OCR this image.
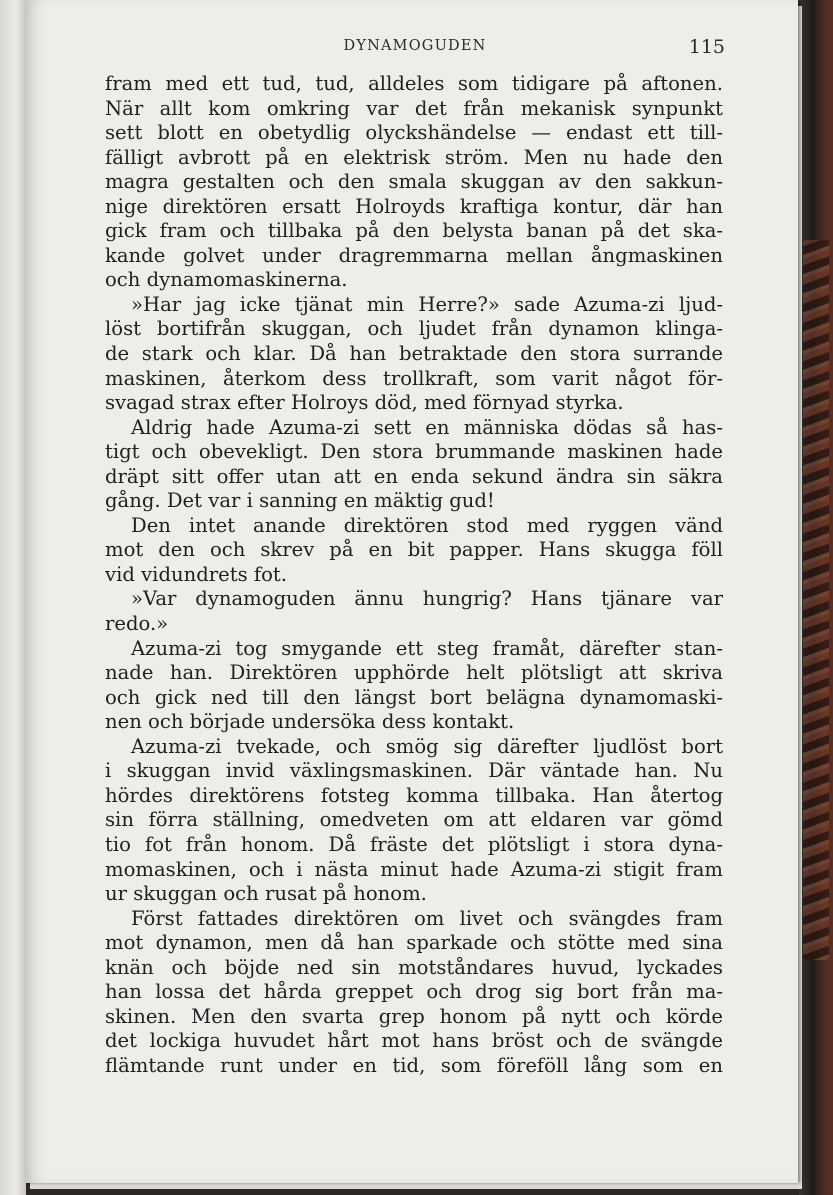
DYNAMOGUDEN	115
fram med ett tud, tud, alldeles som tidigare på aftonen.
När allt kom omkring var det från mekanisk synpunkt
sett blott en obetydlig olyckshändelse — endast ett till-
fälligt avbrott på en elektrisk ström. Men nu hade den
magra gestalten och den smala skuggan av den sakkun-
nige direktören ersatt Holroyds kraftiga kontur, där han
gick fram och tillbaka på den belysta banan på det ska-
kande golvet under dragremmarna mellan ångmaskinen
och dynamomaskinerna.
»Har jag icke tjänat min Herre?» sade Azuma-zi ljud-
löst bortifrån skuggan, och ljudet från dynamon klinga-
de stark och klar. Då han betraktade den stora surrande
maskinen, återkom dess trollkraft, som varit något för-
svagad strax efter Holroys död, med förnyad styrka.
Aldrig hade Azuma-zi sett en människa dödas så has-
tigt och obevekligt. Den stora brummande maskinen hade
dräpt sitt offer utan att en enda sekund ändra sin säkra
gång. Det var i sanning en mäktig gud!
Den intet anande direktören stod med ryggen vänd
mot den och skrev på en bit papper. Hans skugga föll
vid vidundrets fot.
»Var dynamoguden ännu hungrig? Hans tjänare var
redo.»
Azuma-zi tog smygande ett steg framåt, därefter stan-
nade han. Direktören upphörde helt plötsligt att skriva
och gick ned till den längst bort belägna dynamomaski-
nen och började undersöka dess kontakt.
Azuma-zi tvekade, och smög sig därefter ljudlöst bort
i skuggan invid växlingsmaskinen. Där väntade han. Nu
hördes direktörens fotsteg komma tillbaka. Han återtog
sin förra ställning, omedveten om att eldaren var gömd
tio fot från honom. Då fräste det plötsligt i stora dyna-
momaskinen, och i nästa minut hade Azuma-zi stigit fram
ur skuggan och rusat på honom.
Först fattades direktören om livet och svängdes fram
mot dynamon, men då han sparkade och stötte med sina
knän och böjde ned sin motståndares huvud, lyckades
han lossa det hårda greppet och drog sig bort från ma-
skinen. Men den svarta grep honom på nytt och körde
det lockiga huvudet hårt mot hans bröst och de svängde
flämtande runt under en tid, som föreföll lång som en
